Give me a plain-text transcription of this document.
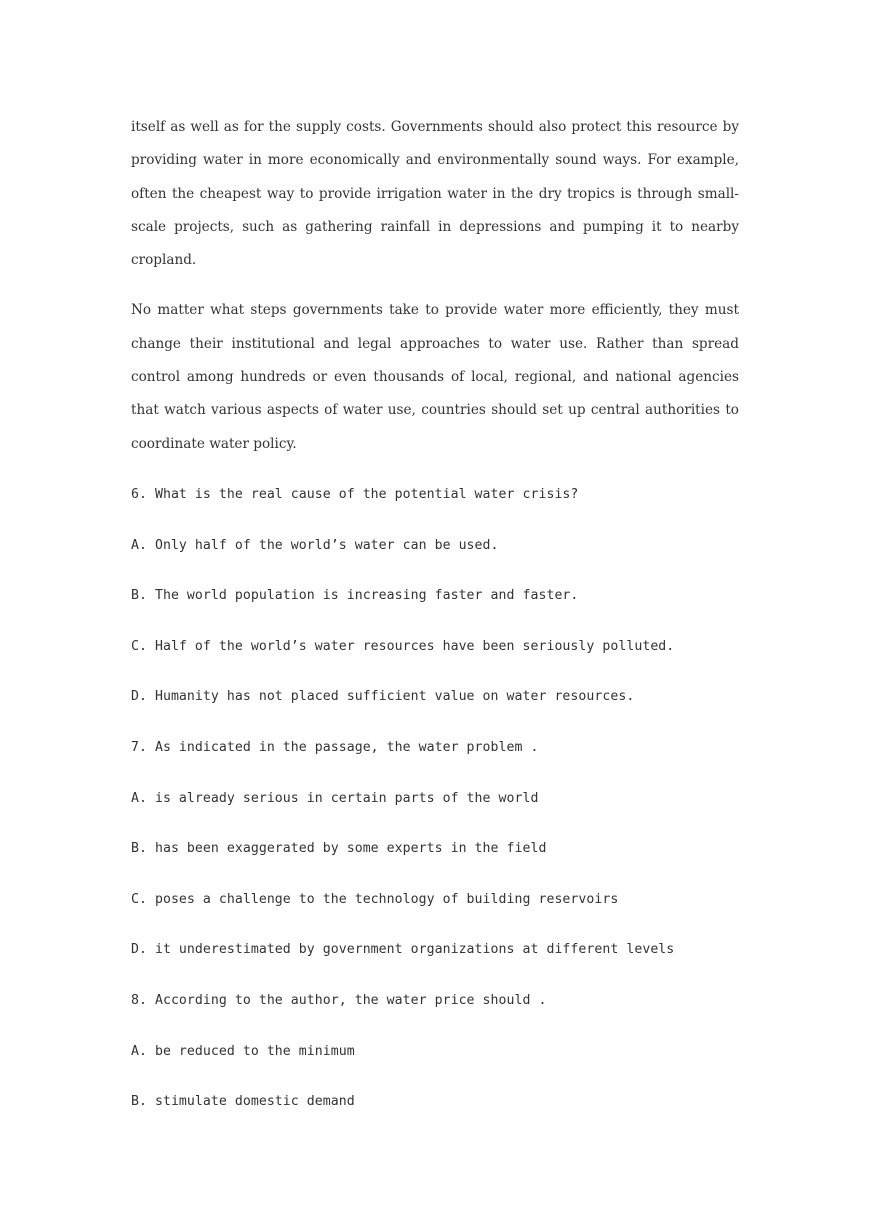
itself as well as for the supply costs. Governments should also protect this resource by providing water in more economically and environmentally sound ways. For example, often the cheapest way to provide irrigation water in the dry tropics is through small-scale projects, such as gathering rainfall in depressions and pumping it to nearby cropland.

No matter what steps governments take to provide water more efficiently, they must change their institutional and legal approaches to water use. Rather than spread control among hundreds or even thousands of local, regional, and national agencies that watch various aspects of water use, countries should set up central authorities to coordinate water policy.

6. What is the real cause of the potential water crisis?

A. Only half of the world’s water can be used.

B. The world population is increasing faster and faster.

C. Half of the world’s water resources have been seriously polluted.

D. Humanity has not placed sufficient value on water resources.

7. As indicated in the passage, the water problem .

A. is already serious in certain parts of the world

B. has been exaggerated by some experts in the field

C. poses a challenge to the technology of building reservoirs

D. it underestimated by government organizations at different levels

8. According to the author, the water price should .

A. be reduced to the minimum

B. stimulate domestic demand
